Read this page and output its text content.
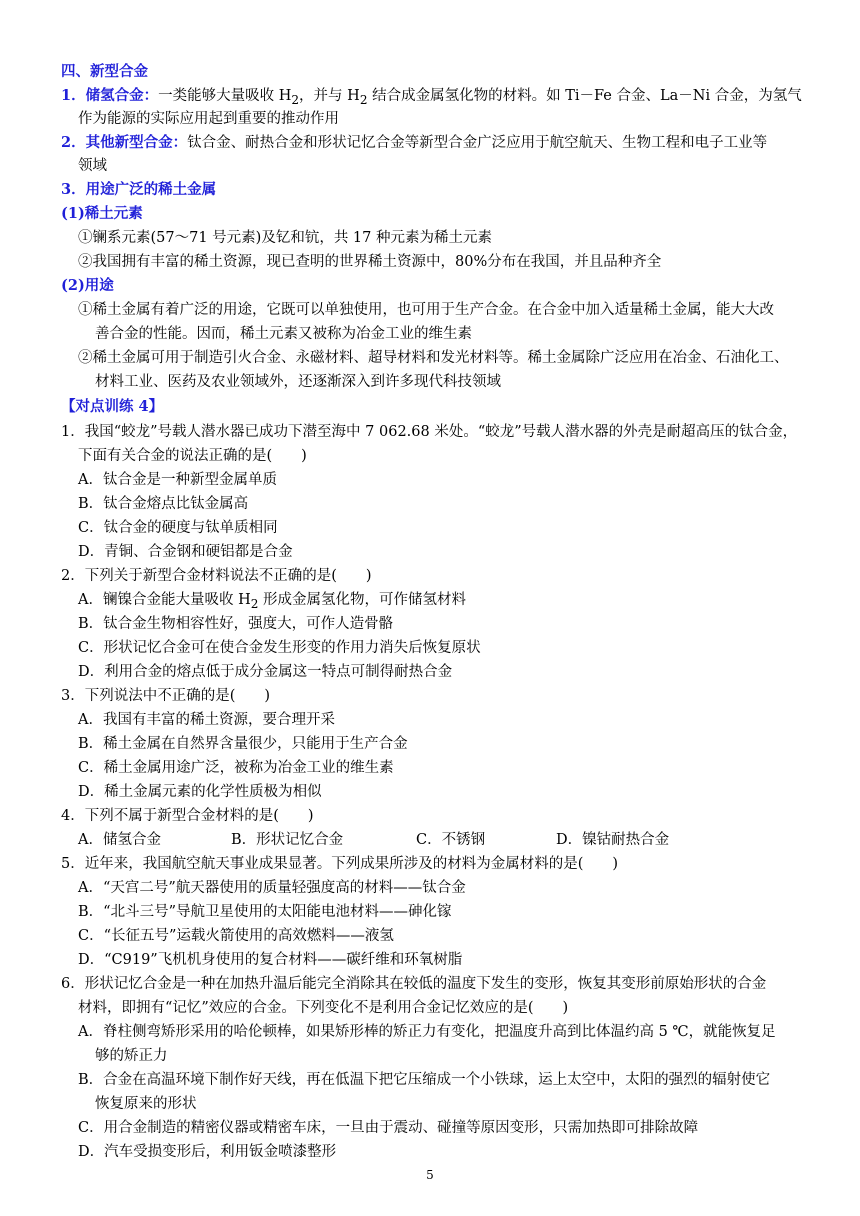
四、新型合金
1．储氢合金：一类能够大量吸收 $H_2$，并与 $H_2$ 结合成金属氢化物的材料。如 Ti－Fe 合金、La－Ni 合金，为氢气
作为能源的实际应用起到重要的推动作用
2．其他新型合金：钛合金、耐热合金和形状记忆合金等新型合金广泛应用于航空航天、生物工程和电子工业等
领域
3．用途广泛的稀土金属
(1)稀土元素
①镧系元素(57～71 号元素)及钇和钪，共 17 种元素为稀土元素
②我国拥有丰富的稀土资源，现已查明的世界稀土资源中，80%分布在我国，并且品种齐全
(2)用途
①稀土金属有着广泛的用途，它既可以单独使用，也可用于生产合金。在合金中加入适量稀土金属，能大大改
善合金的性能。因而，稀土元素又被称为冶金工业的维生素
②稀土金属可用于制造引火合金、永磁材料、超导材料和发光材料等。稀土金属除广泛应用在冶金、石油化工、
材料工业、医药及农业领域外，还逐渐深入到许多现代科技领域
【对点训练 4】
1．我国“蛟龙”号载人潜水器已成功下潜至海中 7 062.68 米处。“蛟龙”号载人潜水器的外壳是耐超高压的钛合金，
下面有关合金的说法正确的是(　　)
A．钛合金是一种新型金属单质
B．钛合金熔点比钛金属高
C．钛合金的硬度与钛单质相同
D．青铜、合金钢和硬铝都是合金
2．下列关于新型合金材料说法不正确的是(　　)
A．镧镍合金能大量吸收 $H_2$ 形成金属氢化物，可作储氢材料
B．钛合金生物相容性好，强度大，可作人造骨骼
C．形状记忆合金可在使合金发生形变的作用力消失后恢复原状
D．利用合金的熔点低于成分金属这一特点可制得耐热合金
3．下列说法中不正确的是(　　)
A．我国有丰富的稀土资源，要合理开采
B．稀土金属在自然界含量很少，只能用于生产合金
C．稀土金属用途广泛，被称为冶金工业的维生素
D．稀土金属元素的化学性质极为相似
4．下列不属于新型合金材料的是(　　)
A．储氢合金	B．形状记忆合金	C．不锈钢	D．镍钴耐热合金
5．近年来，我国航空航天事业成果显著。下列成果所涉及的材料为金属材料的是(　　)
A．“天宫二号”航天器使用的质量轻强度高的材料——钛合金
B．“北斗三号”导航卫星使用的太阳能电池材料——砷化镓
C．“长征五号”运载火箭使用的高效燃料——液氢
D．“C919”飞机机身使用的复合材料——碳纤维和环氧树脂
6．形状记忆合金是一种在加热升温后能完全消除其在较低的温度下发生的变形，恢复其变形前原始形状的合金
材料，即拥有“记忆”效应的合金。下列变化不是利用合金记忆效应的是(　　)
A．脊柱侧弯矫形采用的哈伦顿棒，如果矫形棒的矫正力有变化，把温度升高到比体温约高 5 ℃，就能恢复足
够的矫正力
B．合金在高温环境下制作好天线，再在低温下把它压缩成一个小铁球，运上太空中，太阳的强烈的辐射使它
恢复原来的形状
C．用合金制造的精密仪器或精密车床，一旦由于震动、碰撞等原因变形，只需加热即可排除故障
D．汽车受损变形后，利用钣金喷漆整形
5
